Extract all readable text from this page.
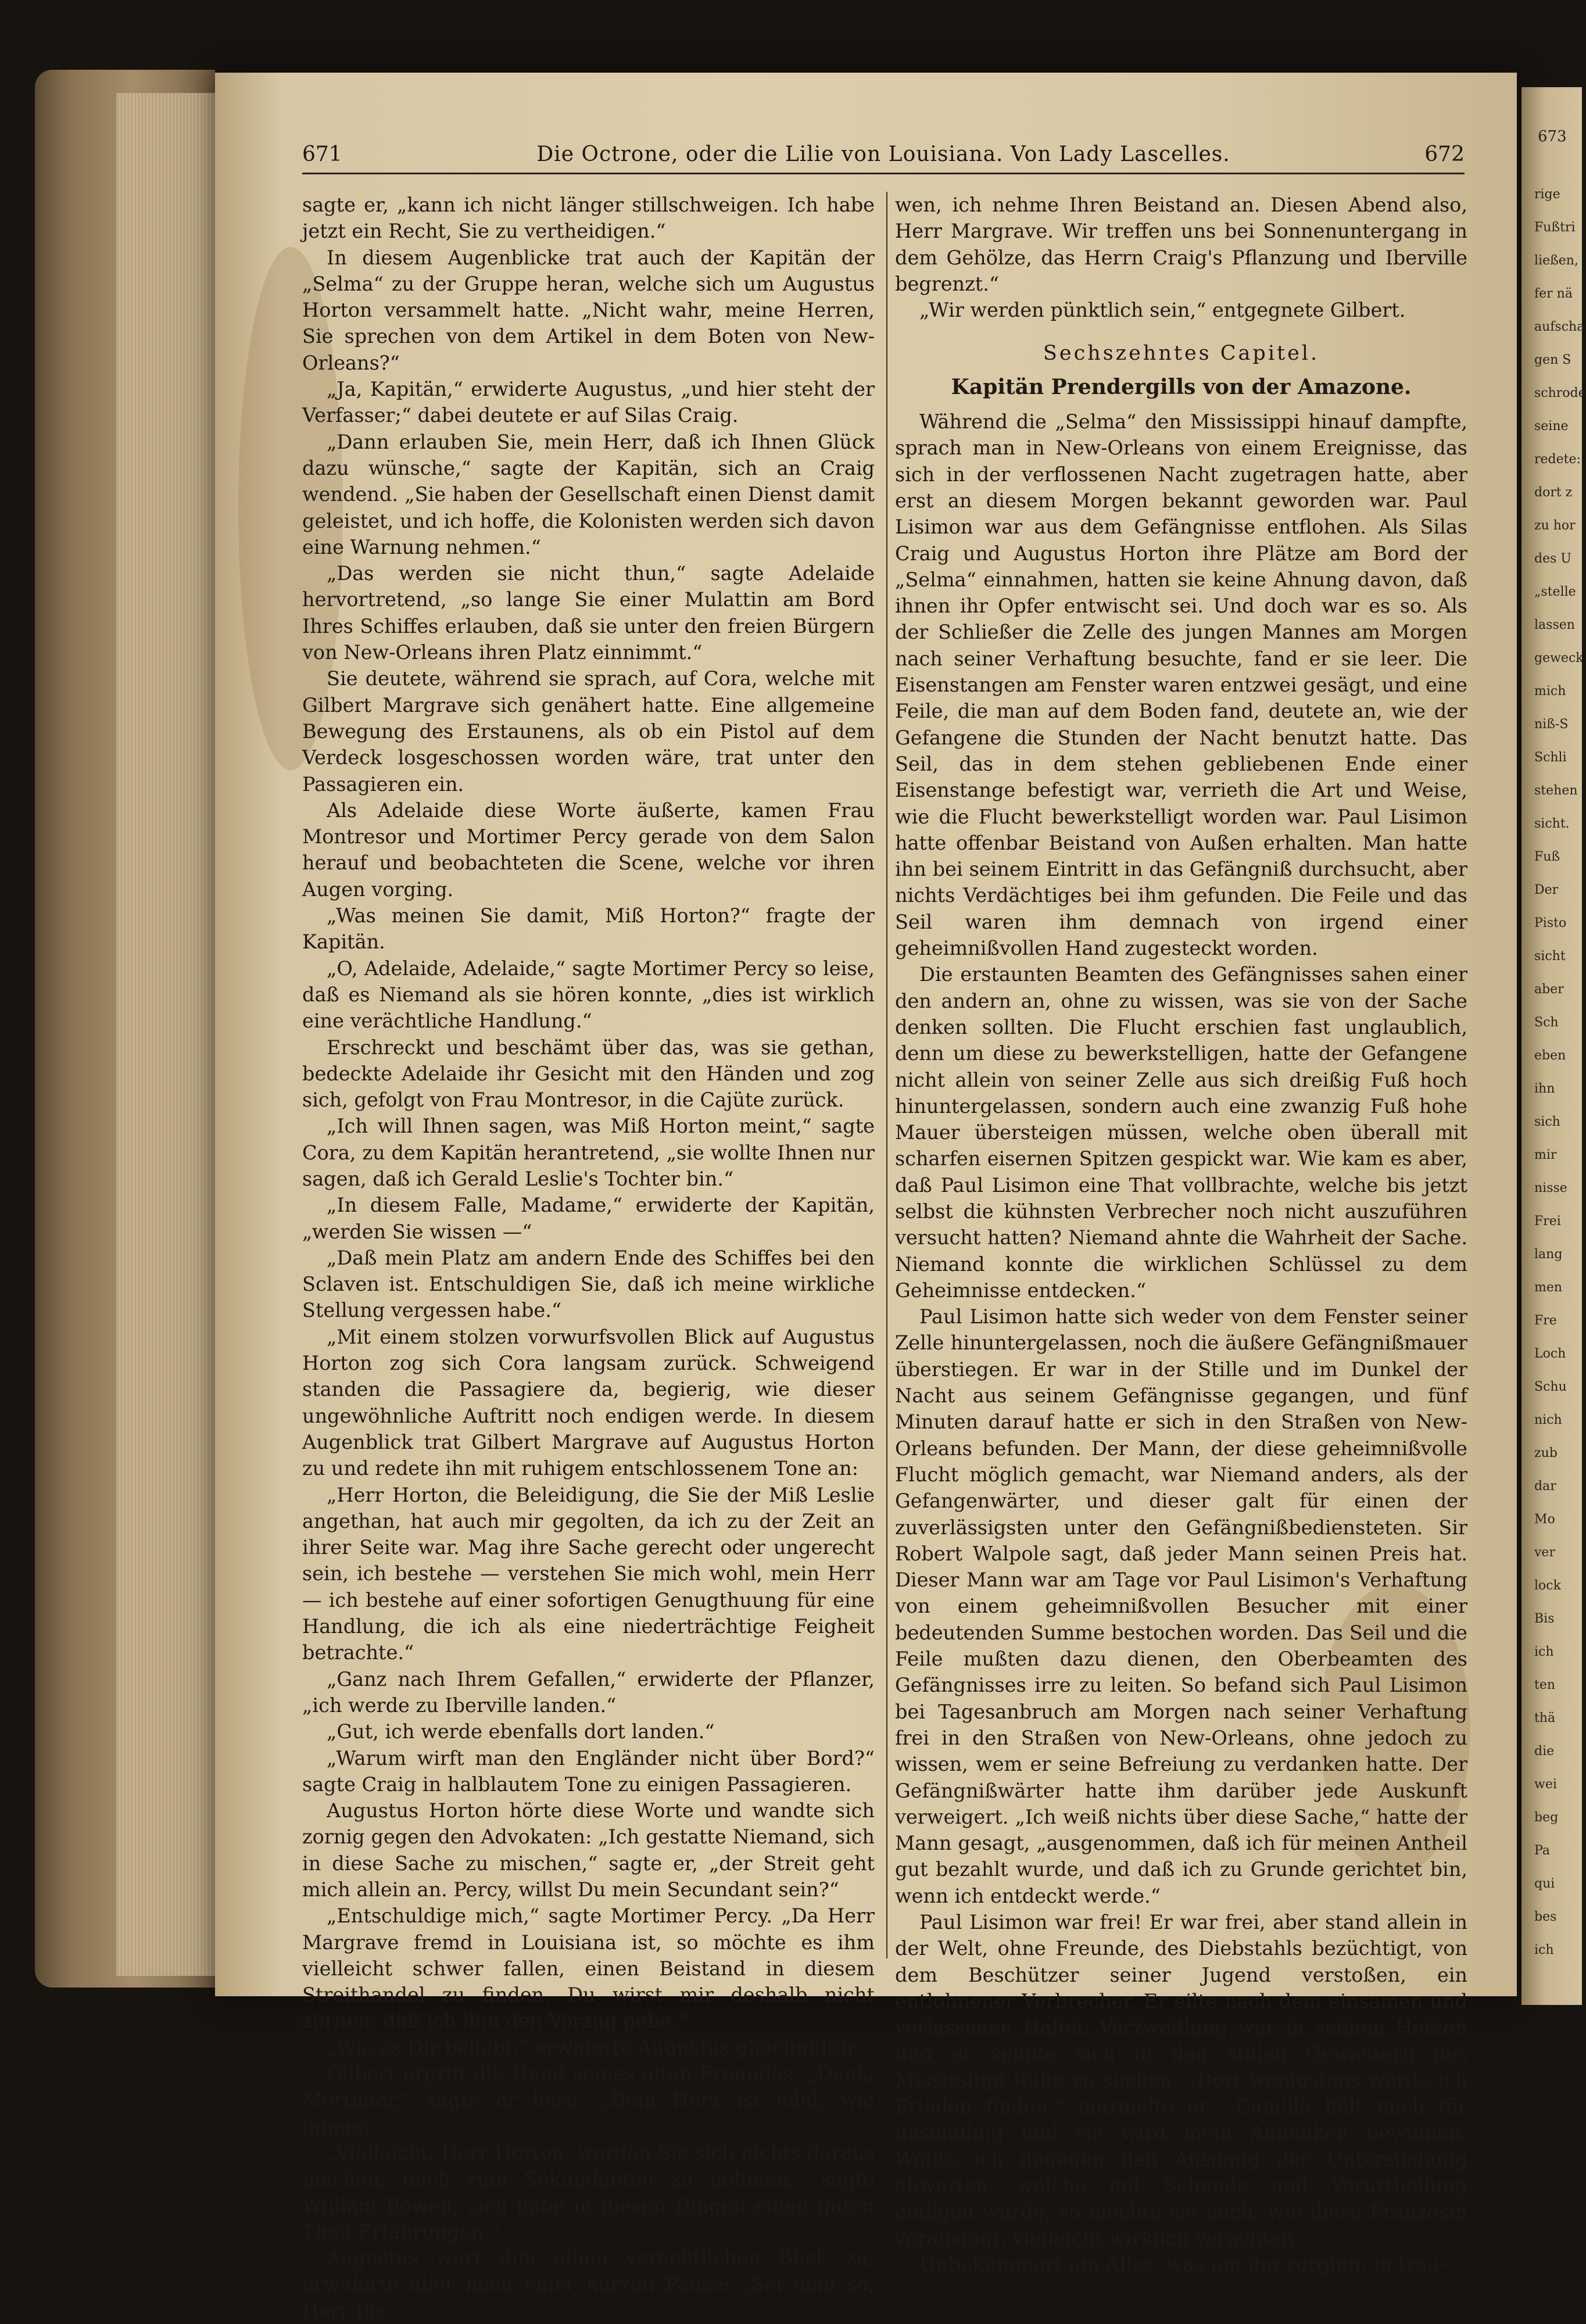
671	Die Octrone, oder die Lilie von Louisiana. Von Lady Lascelles.	672

sagte er, „kann ich nicht länger stillschweigen. Ich habe jetzt ein Recht, Sie zu vertheidigen.“

In diesem Augenblicke trat auch der Kapitän der „Selma“ zu der Gruppe heran, welche sich um Augustus Horton versammelt hatte. „Nicht wahr, meine Herren, Sie sprechen von dem Artikel in dem Boten von New-Orleans?“

„Ja, Kapitän,“ erwiderte Augustus, „und hier steht der Verfasser;“ dabei deutete er auf Silas Craig.

„Dann erlauben Sie, mein Herr, daß ich Ihnen Glück dazu wünsche,“ sagte der Kapitän, sich an Craig wendend. „Sie haben der Gesellschaft einen Dienst damit geleistet, und ich hoffe, die Kolonisten werden sich davon eine Warnung nehmen.“

„Das werden sie nicht thun,“ sagte Adelaide hervortretend, „so lange Sie einer Mulattin am Bord Ihres Schiffes erlauben, daß sie unter den freien Bürgern von New-Orleans ihren Platz einnimmt.“

Sie deutete, während sie sprach, auf Cora, welche mit Gilbert Margrave sich genähert hatte. Eine allgemeine Bewegung des Erstaunens, als ob ein Pistol auf dem Verdeck losgeschossen worden wäre, trat unter den Passagieren ein.

Als Adelaide diese Worte äußerte, kamen Frau Montresor und Mortimer Percy gerade von dem Salon herauf und beobachteten die Scene, welche vor ihren Augen vorging.

„Was meinen Sie damit, Miß Horton?“ fragte der Kapitän.

„O, Adelaide, Adelaide,“ sagte Mortimer Percy so leise, daß es Niemand als sie hören konnte, „dies ist wirklich eine verächtliche Handlung.“

Erschreckt und beschämt über das, was sie gethan, bedeckte Adelaide ihr Gesicht mit den Händen und zog sich, gefolgt von Frau Montresor, in die Cajüte zurück.

„Ich will Ihnen sagen, was Miß Horton meint,“ sagte Cora, zu dem Kapitän herantretend, „sie wollte Ihnen nur sagen, daß ich Gerald Leslie's Tochter bin.“

„In diesem Falle, Madame,“ erwiderte der Kapitän, „werden Sie wissen —“

„Daß mein Platz am andern Ende des Schiffes bei den Sclaven ist. Entschuldigen Sie, daß ich meine wirkliche Stellung vergessen habe.“

„Mit einem stolzen vorwurfsvollen Blick auf Augustus Horton zog sich Cora langsam zurück. Schweigend standen die Passagiere da, begierig, wie dieser ungewöhnliche Auftritt noch endigen werde. In diesem Augenblick trat Gilbert Margrave auf Augustus Horton zu und redete ihn mit ruhigem entschlossenem Tone an:

„Herr Horton, die Beleidigung, die Sie der Miß Leslie angethan, hat auch mir gegolten, da ich zu der Zeit an ihrer Seite war. Mag ihre Sache gerecht oder ungerecht sein, ich bestehe — verstehen Sie mich wohl, mein Herr — ich bestehe auf einer sofortigen Genugthuung für eine Handlung, die ich als eine niederträchtige Feigheit betrachte.“

„Ganz nach Ihrem Gefallen,“ erwiderte der Pflanzer, „ich werde zu Iberville landen.“

„Gut, ich werde ebenfalls dort landen.“

„Warum wirft man den Engländer nicht über Bord?“ sagte Craig in halblautem Tone zu einigen Passagieren.

Augustus Horton hörte diese Worte und wandte sich zornig gegen den Advokaten: „Ich gestatte Niemand, sich in diese Sache zu mischen,“ sagte er, „der Streit geht mich allein an. Percy, willst Du mein Secundant sein?“

„Entschuldige mich,“ sagte Mortimer Percy. „Da Herr Margrave fremd in Louisiana ist, so möchte es ihm vielleicht schwer fallen, einen Beistand in diesem Streithandel zu finden. Du wirst mir deshalb nicht zürnen, daß ich ihm den Vorzug gebe.“

„Wie es Dir beliebt,“ erwiderte Augustus gleichgültig.

Gilbert ergriff die Hand seines alten Freundes. „Dank, Mortimer,“ sagte er leise, „Dein Herz ist edel, wie immer.“

„Vielleicht, Herr Horton, werden Sie sich nichts daraus machen, mich zum Sekundanten zu nehmen,“ sagte William Bowen, „ich habe in diesen Dingen einen guten Theil Erfahrungen.“

Augustus warf ihm einen verächtlichen Blick zu, erwiderte aber nach einer kurzen Pause: „Sei dem so, Herr Bo-

wen, ich nehme Ihren Beistand an. Diesen Abend also, Herr Margrave. Wir treffen uns bei Sonnenuntergang in dem Gehölze, das Herrn Craig's Pflanzung und Iberville begrenzt.“

„Wir werden pünktlich sein,“ entgegnete Gilbert.

Sechszehntes Capitel.
Kapitän Prendergills von der Amazone.

Während die „Selma“ den Mississippi hinauf dampfte, sprach man in New-Orleans von einem Ereignisse, das sich in der verflossenen Nacht zugetragen hatte, aber erst an diesem Morgen bekannt geworden war. Paul Lisimon war aus dem Gefängnisse entflohen. Als Silas Craig und Augustus Horton ihre Plätze am Bord der „Selma“ einnahmen, hatten sie keine Ahnung davon, daß ihnen ihr Opfer entwischt sei. Und doch war es so. Als der Schließer die Zelle des jungen Mannes am Morgen nach seiner Verhaftung besuchte, fand er sie leer. Die Eisenstangen am Fenster waren entzwei gesägt, und eine Feile, die man auf dem Boden fand, deutete an, wie der Gefangene die Stunden der Nacht benutzt hatte. Das Seil, das in dem stehen gebliebenen Ende einer Eisenstange befestigt war, verrieth die Art und Weise, wie die Flucht bewerkstelligt worden war. Paul Lisimon hatte offenbar Beistand von Außen erhalten. Man hatte ihn bei seinem Eintritt in das Gefängniß durchsucht, aber nichts Verdächtiges bei ihm gefunden. Die Feile und das Seil waren ihm demnach von irgend einer geheimnißvollen Hand zugesteckt worden.

Die erstaunten Beamten des Gefängnisses sahen einer den andern an, ohne zu wissen, was sie von der Sache denken sollten. Die Flucht erschien fast unglaublich, denn um diese zu bewerkstelligen, hatte der Gefangene nicht allein von seiner Zelle aus sich dreißig Fuß hoch hinuntergelassen, sondern auch eine zwanzig Fuß hohe Mauer übersteigen müssen, welche oben überall mit scharfen eisernen Spitzen gespickt war. Wie kam es aber, daß Paul Lisimon eine That vollbrachte, welche bis jetzt selbst die kühnsten Verbrecher noch nicht auszuführen versucht hatten? Niemand ahnte die Wahrheit der Sache. Niemand konnte die wirklichen Schlüssel zu dem Geheimnisse entdecken.“

Paul Lisimon hatte sich weder von dem Fenster seiner Zelle hinuntergelassen, noch die äußere Gefängnißmauer überstiegen. Er war in der Stille und im Dunkel der Nacht aus seinem Gefängnisse gegangen, und fünf Minuten darauf hatte er sich in den Straßen von New-Orleans befunden. Der Mann, der diese geheimnißvolle Flucht möglich gemacht, war Niemand anders, als der Gefangenwärter, und dieser galt für einen der zuverlässigsten unter den Gefängnißbediensteten. Sir Robert Walpole sagt, daß jeder Mann seinen Preis hat. Dieser Mann war am Tage vor Paul Lisimon's Verhaftung von einem geheimnißvollen Besucher mit einer bedeutenden Summe bestochen worden. Das Seil und die Feile mußten dazu dienen, den Oberbeamten des Gefängnisses irre zu leiten. So befand sich Paul Lisimon bei Tagesanbruch am Morgen nach seiner Verhaftung frei in den Straßen von New-Orleans, ohne jedoch zu wissen, wem er seine Befreiung zu verdanken hatte. Der Gefängnißwärter hatte ihm darüber jede Auskunft verweigert. „Ich weiß nichts über diese Sache,“ hatte der Mann gesagt, „ausgenommen, daß ich für meinen Antheil gut bezahlt wurde, und daß ich zu Grunde gerichtet bin, wenn ich entdeckt werde.“

Paul Lisimon war frei! Er war frei, aber stand allein in der Welt, ohne Freunde, des Diebstahls bezüchtigt, von dem Beschützer seiner Jugend verstoßen, ein entlohnener Verbrecher. Er eilte nach dem einsamen und verlassenen Hafen. Verzweiflung war in seinem Herzen und er sehnte sich in den stillen Gewässern des Mississippi Ruhe zu suchen. „Dort wenigstens werde ich Frieden finden,“ murmelte er. „Camilla hält mich für unschuldig und sie wird mein Andenken beweinen. Wollte ich dagegen den Ausgang der Untersuchung abwarten, welche mit Schande und Verurtheilung endigen würde, so möchte sie mich, wie diese Französin vorausfagt, vielleicht wirklich verachten.“

Unbekümmert um Alles, was um ihn vorging, in trau-

673
rige
Fußtri
ließen,
fer nä
aufscha
gen S
schrode
seine
redete:
dort z
zu hor
des U
„stelle
lassen
geweck
mich
niß-S
Schli
stehen
sicht.
Fuß
Der
Pisto
sicht
aber
Sch
eben
ihn
sich
mir
nisse
Frei
lang
men
Fre
Loch
Schu
nich
zub
dar
Mo
ver
lock
Bis
ich
ten
thä
die
wei
beg
Pa
qui
bes
ich
